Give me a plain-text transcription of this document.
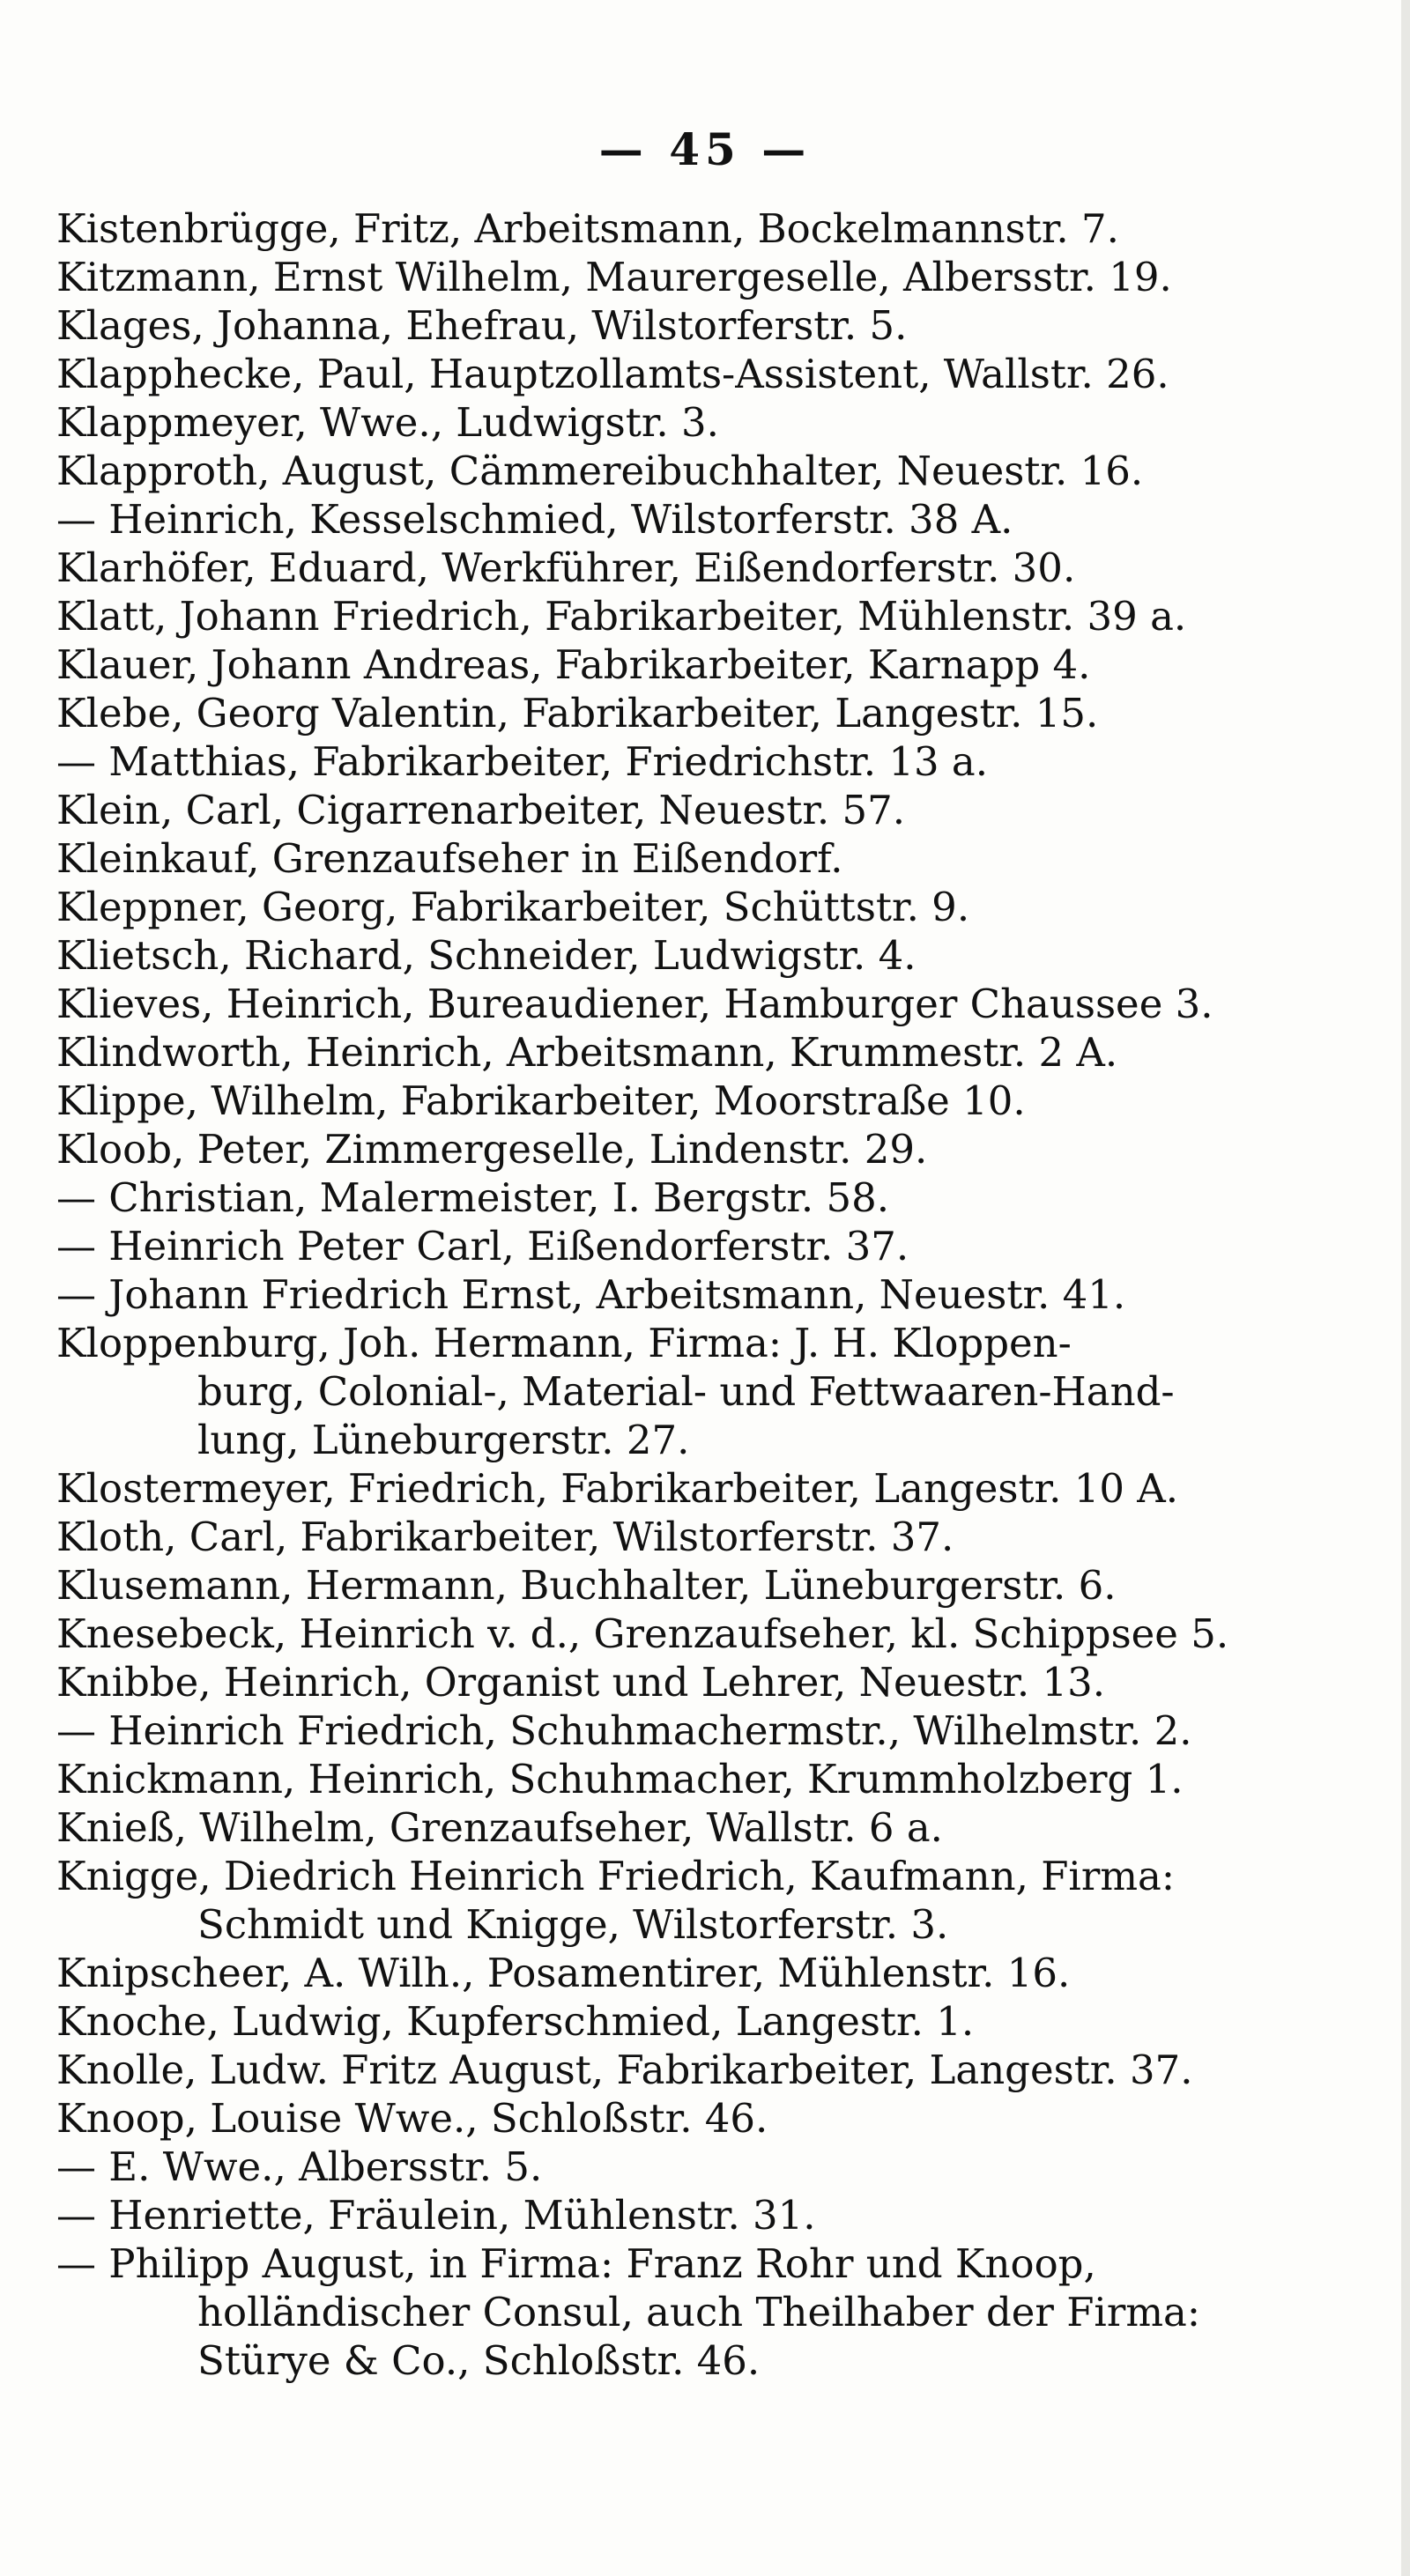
— 45 —
Kistenbrügge, Fritz, Arbeitsmann, Bockelmannstr. 7.
Kitzmann, Ernst Wilhelm, Maurergeselle, Albersstr. 19.
Klages, Johanna, Ehefrau, Wilstorferstr. 5.
Klapphecke, Paul, Hauptzollamts-Assistent, Wallstr. 26.
Klappmeyer, Wwe., Ludwigstr. 3.
Klapproth, August, Cämmereibuchhalter, Neuestr. 16.
— Heinrich, Kesselschmied, Wilstorferstr. 38 A.
Klarhöfer, Eduard, Werkführer, Eißendorferstr. 30.
Klatt, Johann Friedrich, Fabrikarbeiter, Mühlenstr. 39 a.
Klauer, Johann Andreas, Fabrikarbeiter, Karnapp 4.
Klebe, Georg Valentin, Fabrikarbeiter, Langestr. 15.
— Matthias, Fabrikarbeiter, Friedrichstr. 13 a.
Klein, Carl, Cigarrenarbeiter, Neuestr. 57.
Kleinkauf, Grenzaufseher in Eißendorf.
Kleppner, Georg, Fabrikarbeiter, Schüttstr. 9.
Klietsch, Richard, Schneider, Ludwigstr. 4.
Klieves, Heinrich, Bureaudiener, Hamburger Chaussee 3.
Klindworth, Heinrich, Arbeitsmann, Krummestr. 2 A.
Klippe, Wilhelm, Fabrikarbeiter, Moorstraße 10.
Kloob, Peter, Zimmergeselle, Lindenstr. 29.
— Christian, Malermeister, I. Bergstr. 58.
— Heinrich Peter Carl, Eißendorferstr. 37.
— Johann Friedrich Ernst, Arbeitsmann, Neuestr. 41.
Kloppenburg, Joh. Hermann, Firma: J. H. Kloppen-
burg, Colonial-, Material- und Fettwaaren-Hand-
lung, Lüneburgerstr. 27.
Klostermeyer, Friedrich, Fabrikarbeiter, Langestr. 10 A.
Kloth, Carl, Fabrikarbeiter, Wilstorferstr. 37.
Klusemann, Hermann, Buchhalter, Lüneburgerstr. 6.
Knesebeck, Heinrich v. d., Grenzaufseher, kl. Schippsee 5.
Knibbe, Heinrich, Organist und Lehrer, Neuestr. 13.
— Heinrich Friedrich, Schuhmachermstr., Wilhelmstr. 2.
Knickmann, Heinrich, Schuhmacher, Krummholzberg 1.
Knieß, Wilhelm, Grenzaufseher, Wallstr. 6 a.
Knigge, Diedrich Heinrich Friedrich, Kaufmann, Firma:
Schmidt und Knigge, Wilstorferstr. 3.
Knipscheer, A. Wilh., Posamentirer, Mühlenstr. 16.
Knoche, Ludwig, Kupferschmied, Langestr. 1.
Knolle, Ludw. Fritz August, Fabrikarbeiter, Langestr. 37.
Knoop, Louise Wwe., Schloßstr. 46.
— E. Wwe., Albersstr. 5.
— Henriette, Fräulein, Mühlenstr. 31.
— Philipp August, in Firma: Franz Rohr und Knoop,
holländischer Consul, auch Theilhaber der Firma:
Stürye & Co., Schloßstr. 46.
